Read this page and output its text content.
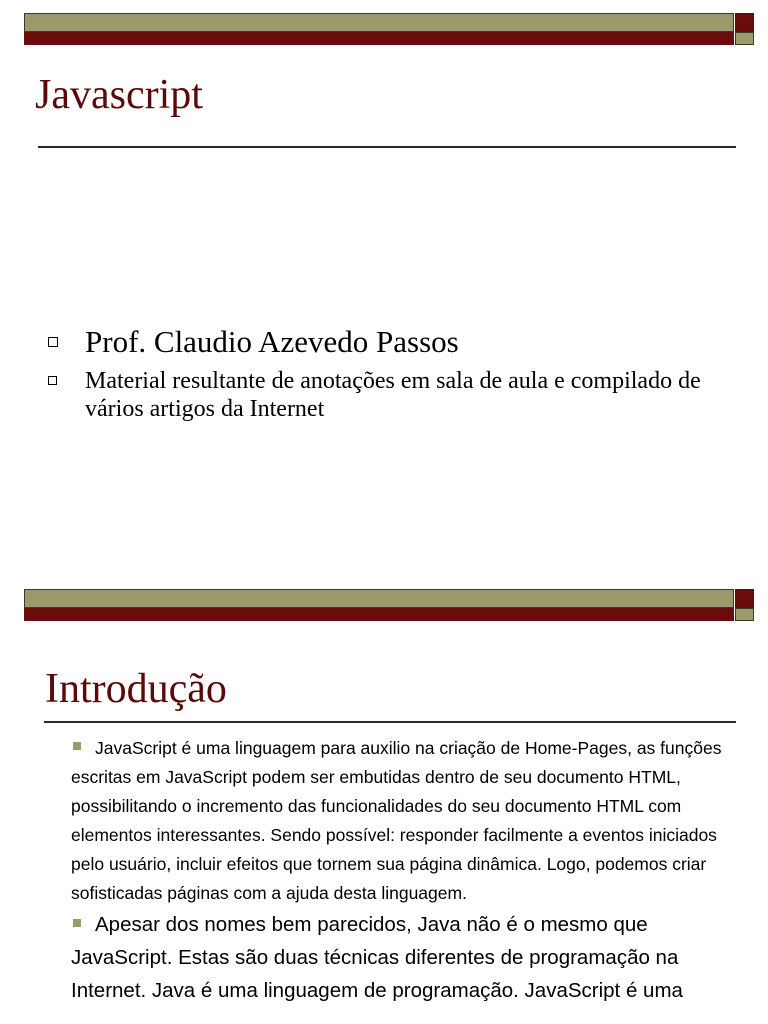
Javascript
Prof. Claudio Azevedo Passos
Material resultante de anotações em sala de aula e compilado de vários artigos da Internet
Introdução
JavaScript é uma linguagem para auxilio na criação de Home-Pages, as funções escritas em JavaScript podem ser embutidas dentro de seu documento HTML, possibilitando o incremento das funcionalidades do seu documento HTML com elementos interessantes. Sendo possível: responder facilmente a eventos iniciados pelo usuário, incluir efeitos que tornem sua página dinâmica. Logo, podemos criar sofisticadas páginas com a ajuda desta linguagem.
Apesar dos nomes bem parecidos, Java não é o mesmo que JavaScript. Estas são duas técnicas diferentes de programação na Internet. Java é uma linguagem de programação. JavaScript é uma
